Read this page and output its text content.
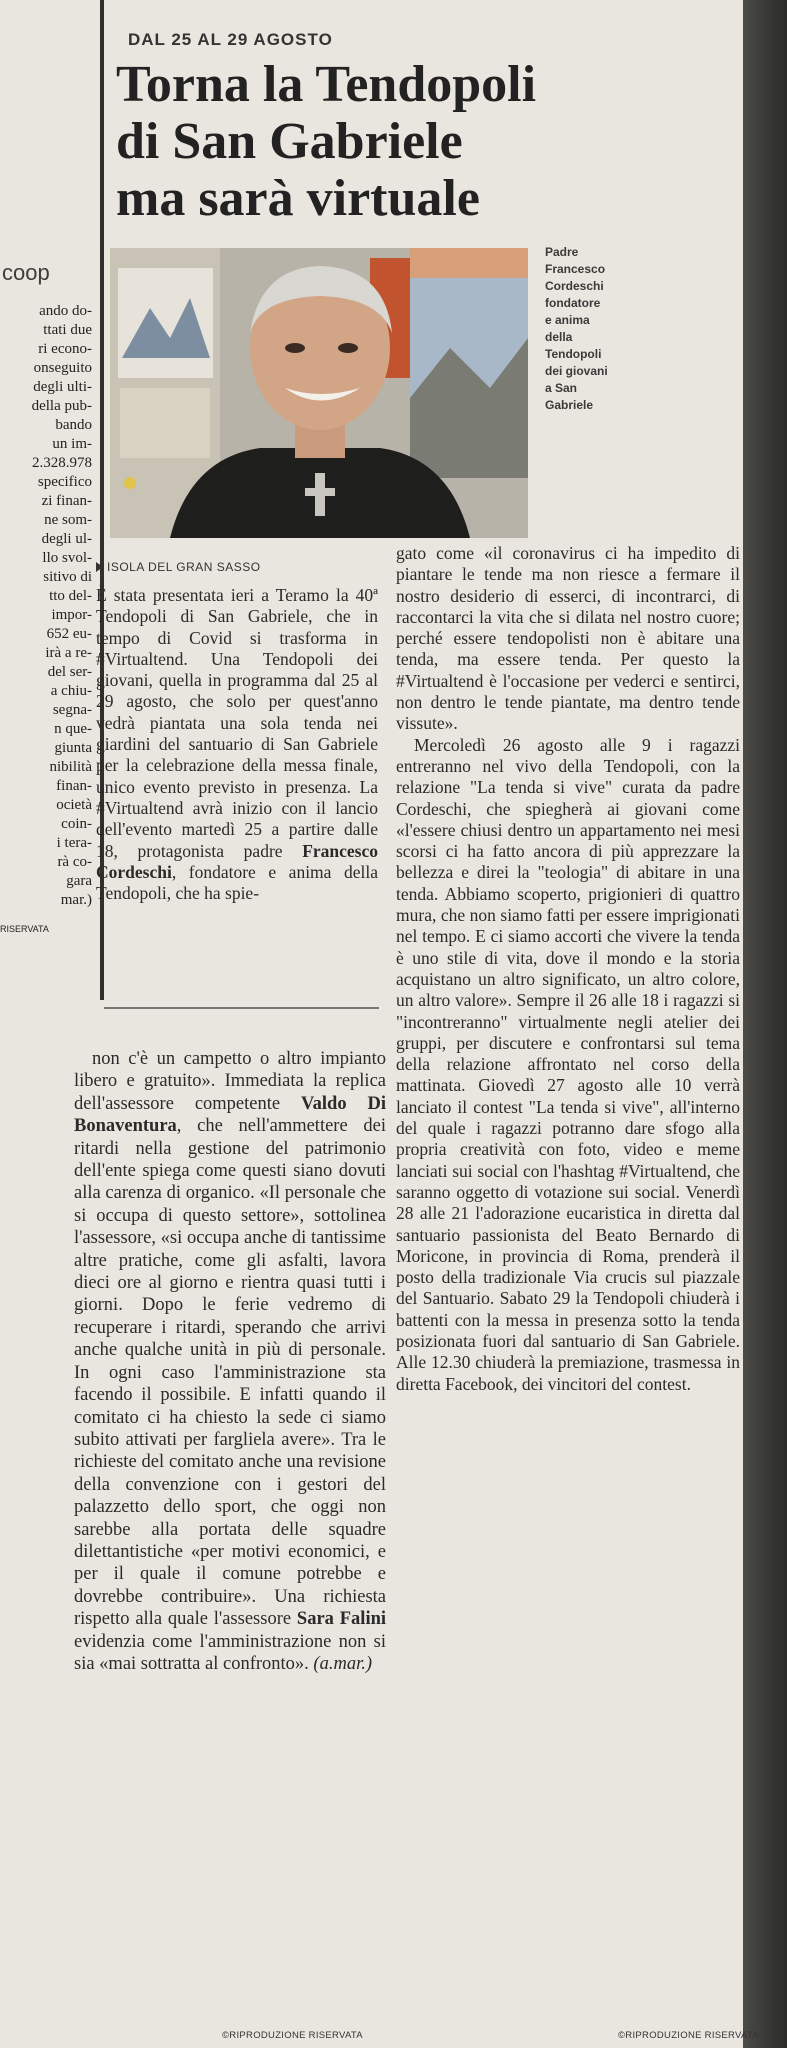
coop
ando do-
ttati due
ri econo-
onseguito
degli ulti-
della pub-
bando
un im-
2.328.978
specifico
zi finan-
ne som-
degli ul-
llo svol-
sitivo di
tto del-
impor-
652 eu-
irà a re-
del ser-
a chiu-
segna-
n que-
giunta
nibilità
finan-
ocietà
coin-
i tera-
rà co-
gara
mar.)
RISERVATA
DAL 25 AL 29 AGOSTO
Torna la Tendopoli
di San Gabriele
ma sarà virtuale
Padre
Francesco
Cordeschi
fondatore
e anima
della
Tendopoli
dei giovani
a San
Gabriele
ISOLA DEL GRAN SASSO

È stata presentata ieri a Teramo la 40ª Tendopoli di San Gabriele, che in tempo di Covid si trasforma in #Virtualtend. Una Tendopoli dei giovani, quella in programma dal 25 al 29 agosto, che solo per quest'anno vedrà piantata una sola tenda nei giardini del santuario di San Gabriele per la celebrazione della messa finale, unico evento previsto in presenza. La #Virtualtend avrà inizio con il lancio dell'evento martedì 25 a partire dalle 18, protagonista padre Francesco Cordeschi, fondatore e anima della Tendopoli, che ha spie-

gato come «il coronavirus ci ha impedito di piantare le tende ma non riesce a fermare il nostro desiderio di esserci, di incontrarci, di raccontarci la vita che si dilata nel nostro cuore; perché essere tendopolisti non è abitare una tenda, ma essere tenda. Per questo la #Virtualtend è l'occasione per vederci e sentirci, non dentro le tende piantate, ma dentro tende vissute».

Mercoledì 26 agosto alle 9 i ragazzi entreranno nel vivo della Tendopoli, con la relazione "La tenda si vive" curata da padre Cordeschi, che spiegherà ai giovani come «l'essere chiusi dentro un appartamento nei mesi scorsi ci ha fatto ancora di più apprezzare la bellezza e direi la "teologia" di abitare in una tenda. Abbiamo scoperto, prigionieri di quattro mura, che non siamo fatti per essere imprigionati nel tempo. E ci siamo accorti che vivere la tenda è uno stile di vita, dove il mondo e la storia acquistano un altro significato, un altro colore, un altro valore». Sempre il 26 alle 18 i ragazzi si "incontreranno" virtualmente negli atelier dei gruppi, per discutere e confrontarsi sul tema della relazione affrontato nel corso della mattinata. Giovedì 27 agosto alle 10 verrà lanciato il contest "La tenda si vive", all'interno del quale i ragazzi potranno dare sfogo alla propria creatività con foto, video e meme lanciati sui social con l'hashtag #Virtualtend, che saranno oggetto di votazione sui social. Venerdì 28 alle 21 l'adorazione eucaristica in diretta dal santuario passionista del Beato Bernardo di Moricone, in provincia di Roma, prenderà il posto della tradizionale Via crucis sul piazzale del Santuario. Sabato 29 la Tendopoli chiuderà i battenti con la messa in presenza sotto la tenda posizionata fuori dal santuario di San Gabriele. Alle 12.30 chiuderà la premiazione, trasmessa in diretta Facebook, dei vincitori del contest.

©RIPRODUZIONE RISERVATA

non c'è un campetto o altro impianto libero e gratuito». Immediata la replica dell'assessore competente Valdo Di Bonaventura, che nell'ammettere dei ritardi nella gestione del patrimonio dell'ente spiega come questi siano dovuti alla carenza di organico. «Il personale che si occupa di questo settore», sottolinea l'assessore, «si occupa anche di tantissime altre pratiche, come gli asfalti, lavora dieci ore al giorno e rientra quasi tutti i giorni. Dopo le ferie vedremo di recuperare i ritardi, sperando che arrivi anche qualche unità in più di personale. In ogni caso l'amministrazione sta facendo il possibile. E infatti quando il comitato ci ha chiesto la sede ci siamo subito attivati per fargliela avere». Tra le richieste del comitato anche una revisione della convenzione con i gestori del palazzetto dello sport, che oggi non sarebbe alla portata delle squadre dilettantistiche «per motivi economici, e per il quale il comune potrebbe e dovrebbe contribuire». Una richiesta rispetto alla quale l'assessore Sara Falini evidenzia come l'amministrazione non si sia «mai sottratta al confronto». (a.mar.)

©RIPRODUZIONE RISERVATA
